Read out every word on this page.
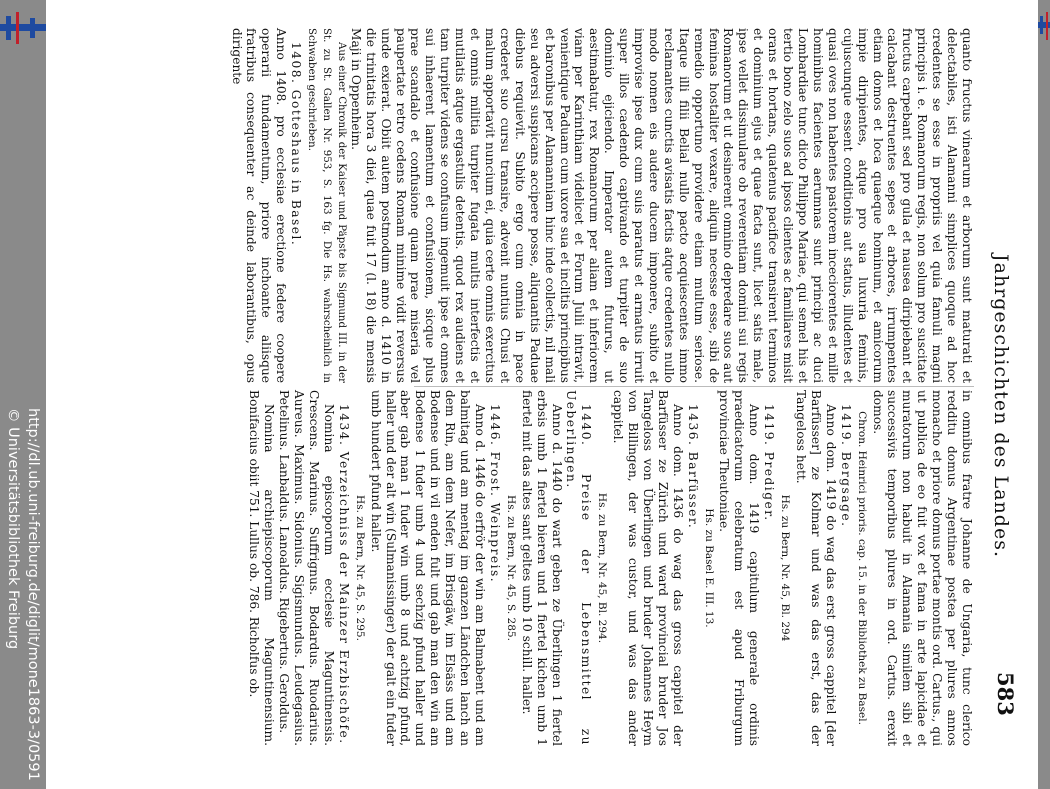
http://dl.ub.uni-freiburg.de/diglit/mone1863-3/0591
© Universitätsbibliothek Freiburg	Jahrgeschichten des Landes.
583

quanto fructus vinearum et arborum sunt maturati et delectabiles, isti Alamanni simplices quoque ad hoc credentes se esse in propriis vel quia famuli magni principis i. e. Romanorum regis, non solum pro suscitate fructus carpebant sed pro gula et nausea diripiebant et calcabant destruentes sepes et arbores, irrumpentes etiam domos et loca quaeque hominum, et amicorum impie diripientes, atque pro sua luxuria feminis, cujuscunque essent conditionis aut status, illudentes et quasi oves non habentes pastorem inceciorentes et mille hominibus facientes aerumnas sunt principi ac duci Lombardiae tunc dicto Philippo Mariae, qui semel his et tertio bono zelo suos ad ipsos clientes ac familiares misit orans et hortans, quatenus pacifice transirent terminos et dominium ejus et quae facta sunt, licet satis male, ipse vellet dissimulare ob reverentiam domini sui regis Romanorum et ut desinerent omnino depredare suos aut feminas hostaliter vexare, aliquin necesse esse, sibi de remedio opportuno providere etiam multum seriose. Itaque illi filii Belial nullo pacto acquiescentes immo reclamantes cunctis avisatis factis atque credentes nullo modo nomen eis audere ducem imponere, subito et improvise ipse dux cum suis paratus et armatus irruit super illos caedendo captivando et turpiter de suo dominio ejiciendo. Imperator autem futurus, ut aestimabatur, rex Romanorum per aliam et inferiorem viam per Karinthiam videlicet et Forum Julii intravit, venientique Paduam cum uxore sua et inclitis principibus et baronibus per Alamanniam hinc inde collectis, nil mali seu adversi suspicans accipere posse, aliquantis Paduae diebus requievit. Subito ergo cum omnia in pace crederet suo cursu transire, advenit nuntius Chusi et malum apportavit nuncium ei, quia certe omnis exercitus et omnis militia turpiter fugata multis interfectis et mutilatis atque ergastulis detentis. quod rex audiens et tam turpiter videns se confusum ingemuit ipse et omnes sui inhaerent lamentum et confusionem, sicque plus prae scandalo et confusione quam prae miseria vel paupertate retro cedens Romam minime vidit reversus unde exierat. Obiit autem postmodum anno d. 1410 in die trinitatis hora 3 diei, quae fuit 17 (l. 18) die mensis Maji in Oppenheim.

Aus einer Chronik der Kaiser und Päpste bis Sigmund III. in der St. zu St. Gallen Nr. 953, S. 163 fg. Die Hs. wahrscheinlich in Schwaben geschrieben.

1408. Gotteshaus in Basel.

Anno 1408. pro ecclesiae erectione federe coopere operarii fundamentum, priore inchoante aliisque fratribus consequenter ac deinde laborantibus, opus dirigente

in omnibus fratre Johanne de Ungaria, tunc clerico redditu domus Argentinae postea per plures annos monacho et priore domus portae montis ord. Cartus., qui ut publica de eo fuit vox et fama in arte lapicidae et muratorum non habuit in Alamania similem sibi et successivis temporibus plures in ord. Cartus. erexit domos.

Chron. Heinrici prioris. cap. 15. in der Bibliothek zu Basel.

1419. Bergsage.

Anno dom. 1419 do wag das erst gross cappitel [der Barfüsser] ze Kolmar und was das erst, das der Tangeloss hett.

Hs. zu Bern, Nr. 45, Bl. 294

1419. Prediger.

Anno dom. 1419 capitulum generale ordinis praedicatorum celebratum est apud Friburgum provinciae Theutoniae.

Hs. zu Basel E. III. 13.

1436. Barfüsser.

Anno dom. 1436 do wag das gross cappitel der Barfüsser ze Zürich und ward provincial bruder Jos Tangeloss von Überlingen und bruder Johannes Heym von Billingen, der was custor, und was das ander cappitel.

Hs. zu Bern, Nr. 45, Bl. 294.

1440. Preise der Lebensmittel zu Ueberlingen.

Anno d. 1440 do wart geben ze Überlingen 1 fiertel erbsis umb 1 fiertel bieren und 1 fiertel kichen umb 1 fiertel mit das altes sant geltes umb 10 schill. haller.

Hs. zu Bern, Nr. 45, S. 285.

1446. Frost. Weinpreis.

Anno d. 1446 do erfrör der win am Balmabent und am balmitag und am mentag im ganzen Ländchen lanch an dem Rin, am dem Nefer, im Brisgäw, im Elsäss und am Bodense und in vil enden fult und gab man den win am Bodense 1 fuder umb 4 und sechzig pfund haller und aber gab man 1 fuder win umb 8 und achtzig pfund, haller und der alt win (Sulmanissinger) der galt ein fuder umb hundert pfund haller.

Hs. zu Bern, Nr. 45, S. 295.

1434. Verzeichniss der Mainzer Erzbischöfe.

Nomina episcoporum ecclesie Maguntinensis. Crescens. Marinus. Suffrignus. Bodardus. Ruodarius. Aureus. Maximus. Sidonius. Sigismundus. Leudegasius. Petelinus. Lanbaldus. Lanoaldus. Rigebertus. Geroldus.

Nomina archiepiscoporum Maguntinensium. Bonifacius obiit 751. Lullus ob. 786. Richolfus ob.
